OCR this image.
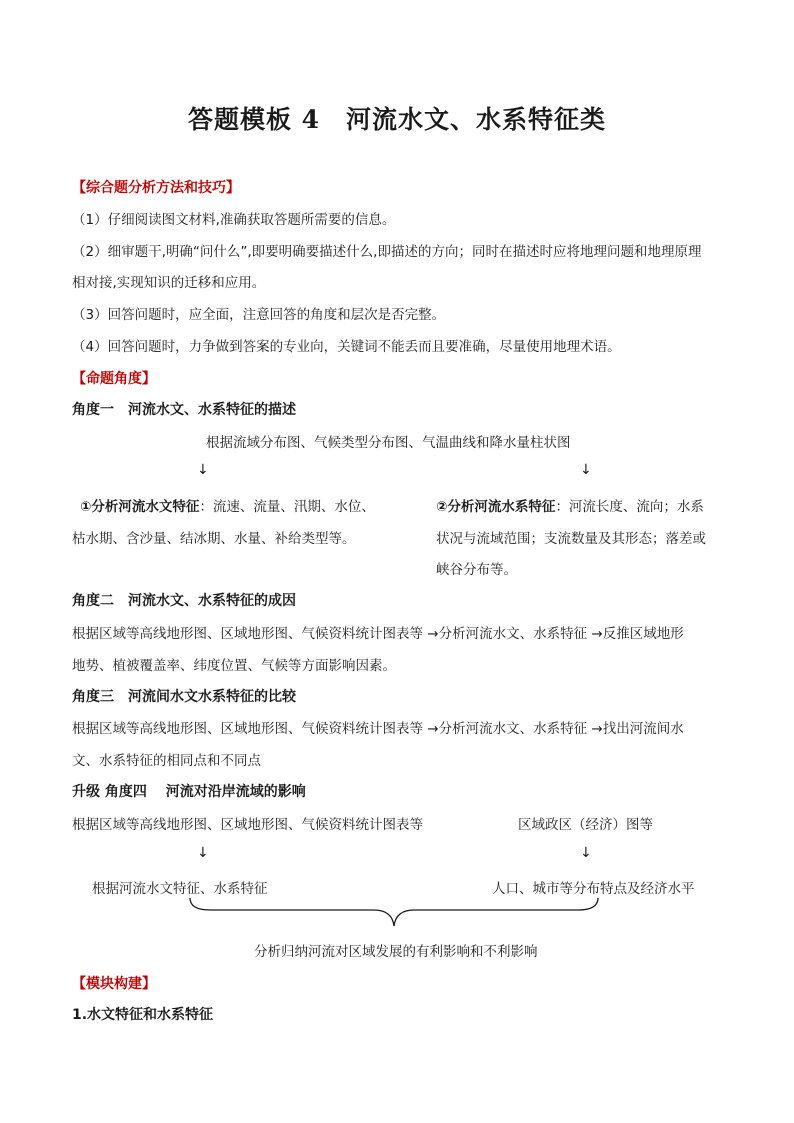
答题模板 4　河流水文、水系特征类
【综合题分析方法和技巧】
（1）仔细阅读图文材料,准确获取答题所需要的信息。
（2）细审题干,明确“问什么”,即要明确要描述什么,即描述的方向；同时在描述时应将地理问题和地理原理
相对接,实现知识的迁移和应用。
（3）回答问题时，应全面，注意回答的角度和层次是否完整。
（4）回答问题时，力争做到答案的专业向，关键词不能丢而且要准确，尽量使用地理术语。
【命题角度】
角度一　河流水文、水系特征的描述
根据流域分布图、气候类型分布图、气温曲线和降水量柱状图
↓	↓
①分析河流水文特征：流速、流量、汛期、水位、
枯水期、含沙量、结冰期、水量、补给类型等。
②分析河流水系特征：河流长度、流向；水系
状况与流域范围；支流数量及其形态；落差或
峡谷分布等。
角度二　河流水文、水系特征的成因
根据区域等高线地形图、区域地形图、气候资料统计图表等 →分析河流水文、水系特征 →反推区域地形
地势、植被覆盖率、纬度位置、气候等方面影响因素。
角度三　河流间水文水系特征的比较
根据区域等高线地形图、区域地形图、气候资料统计图表等 →分析河流水文、水系特征 →找出河流间水
文、水系特征的相同点和不同点
升级 角度四　 河流对沿岸流域的影响
根据区域等高线地形图、区域地形图、气候资料统计图表等	区域政区（经济）图等
↓	↓
根据河流水文特征、水系特征	人口、城市等分布特点及经济水平
分析归纳河流对区域发展的有利影响和不利影响
【模块构建】
1.水文特征和水系特征
